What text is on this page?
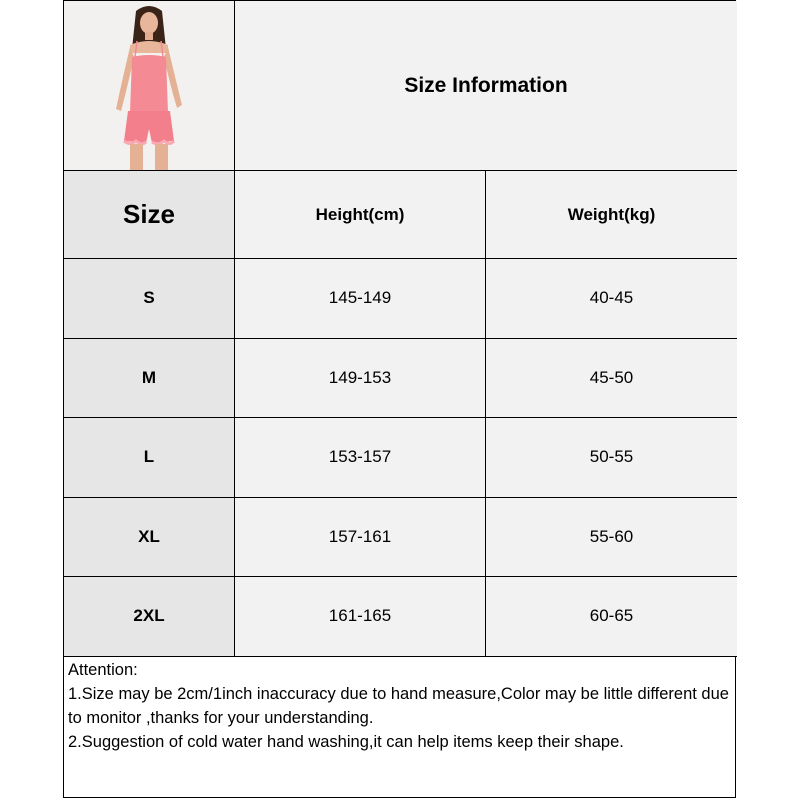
Size Information
Size	Height(cm)	Weight(kg)
S	145-149	40-45
M	149-153	45-50
L	153-157	50-55
XL	157-161	55-60
2XL	161-165	60-65
Attention:
1.Size may be 2cm/1inch inaccuracy due to hand measure,Color may be little different due to monitor ,thanks for your understanding.
2.Suggestion of cold water hand washing,it can help items keep their shape.
